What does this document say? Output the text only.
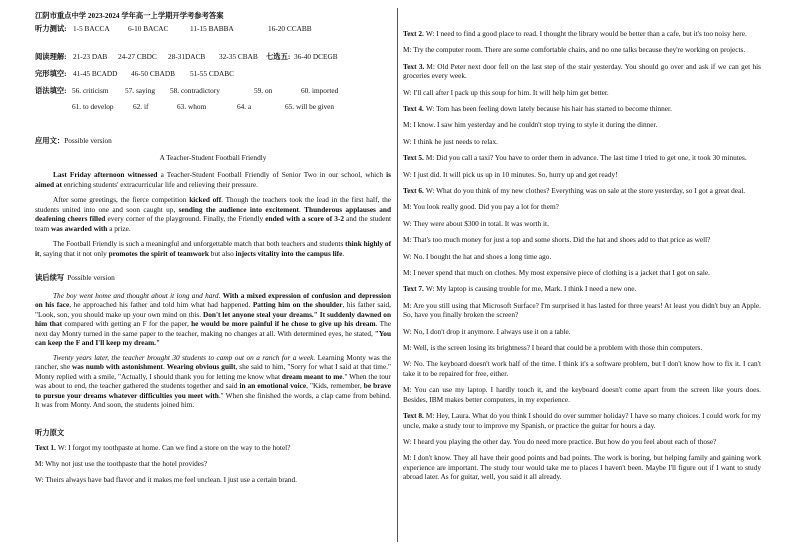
江阴市重点中学 2023-2024 学年高一上学期开学考参考答案
听力测试: 1-5 BACCA	6-10 BACAC	11-15 BABBA	16-20 CCABB
阅读理解: 21-23 DAB 24-27 CBDC 28-31DACB 32-35 CBAB 七选五: 36-40 DCEGB
完形填空: 41-45 BCADD 46-50 CBADB 51-55 CDABC
语法填空: 56. criticism 57. saying 58. contradictory	59. on	60. imported
61. to develop	62. if	63. whom	64. a	65. will be given
应用文：Possible version
A Teacher-Student Football Friendly

Last Friday afternoon witnessed a Teacher-Student Football Friendly of Senior Two in our school, which is aimed at enriching students' extracurricular life and relieving their pressure.

After some greetings, the fierce competition kicked off. Though the teachers took the lead in the first half, the students united into one and soon caught up, sending the audience into excitement. Thunderous applauses and deafening cheers filled every corner of the playground. Finally, the Friendly ended with a score of 3-2 and the student team was awarded with a prize.

The Football Friendly is such a meaningful and unforgettable match that both teachers and students think highly of it, saying that it not only promotes the spirit of teamwork but also injects vitality into the campus life.

读后续写 Possible version

The boy went home and thought about it long and hard. With a mixed expression of confusion and depression on his face, he approached his father and told him what had happened. Patting him on the shoulder, his father said, "Look, son, you should make up your own mind on this. Don't let anyone steal your dreams." It suddenly dawned on him that compared with getting an F for the paper, he would be more painful if he chose to give up his dream. The next day Monty turned in the same paper to the teacher, making no changes at all. With determined eyes, he stated, "You can keep the F and I'll keep my dream."

Twenty years later, the teacher brought 30 students to camp out on a ranch for a week. Learning Monty was the rancher, she was numb with astonishment. Wearing obvious guilt, she said to him, "Sorry for what I said at that time." Monty replied with a smile, "Actually, I should thank you for letting me know what dream meant to me." When the tour was about to end, the teacher gathered the students together and said in an emotional voice, "Kids, remember, be brave to pursue your dreams whatever difficulties you meet with." When she finished the words, a clap came from behind. It was from Monty. And soon, the students joined him.

听力原文

Text 1. W: I forgot my toothpaste at home. Can we find a store on the way to the hotel?

M: Why not just use the toothpaste that the hotel provides?

W: Theirs always have bad flavor and it makes me feel unclean. I just use a certain brand.

Text 2. W: I need to find a good place to read. I thought the library would be better than a cafe, but it's too noisy here.

M: Try the computer room. There are some comfortable chairs, and no one talks because they're working on projects.

Text 3. M: Old Peter next door fell on the last step of the stair yesterday. You should go over and ask if we can get his groceries every week.

W: I'll call after I pack up this soup for him. It will help him get better.

Text 4. W: Tom has been feeling down lately because his hair has started to become thinner.

M: I know. I saw him yesterday and he couldn't stop trying to style it during the dinner.

W: I think he just needs to relax.

Text 5. M: Did you call a taxi? You have to order them in advance. The last time I tried to get one, it took 30 minutes.

W: I just did. It will pick us up in 10 minutes. So, hurry up and get ready!

Text 6. W: What do you think of my new clothes? Everything was on sale at the store yesterday, so I got a great deal.

M: You look really good. Did you pay a lot for them?

W: They were about $300 in total. It was worth it.

M: That's too much money for just a top and some shorts. Did the hat and shoes add to that price as well?

W: No. I bought the hat and shoes a long time ago.

M: I never spend that much on clothes. My most expensive piece of clothing is a jacket that I got on sale.

Text 7. W: My laptop is causing trouble for me, Mark. I think I need a new one.

M: Are you still using that Microsoft Surface? I'm surprised it has lasted for three years! At least you didn't buy an Apple. So, have you finally broken the screen?

W: No, I don't drop it anymore. I always use it on a table.

M: Well, is the screen losing its brightness? I heard that could be a problem with those thin computers.

W: No. The keyboard doesn't work half of the time. I think it's a software problem, but I don't know how to fix it. I can't take it to be repaired for free, either.

M: You can use my laptop. I hardly touch it, and the keyboard doesn't come apart from the screen like yours does. Besides, IBM makes better computers, in my experience.

Text 8. M: Hey, Laura. What do you think I should do over summer holiday? I have so many choices. I could work for my uncle, make a study tour to improve my Spanish, or practice the guitar for hours a day.

W: I heard you playing the other day. You do need more practice. But how do you feel about each of those?

M: I don't know. They all have their good points and bad points. The work is boring, but helping family and gaining work experience are important. The study tour would take me to places I haven't been. Maybe I'll figure out if I want to study abroad later. As for guitar, well, you said it all already.
